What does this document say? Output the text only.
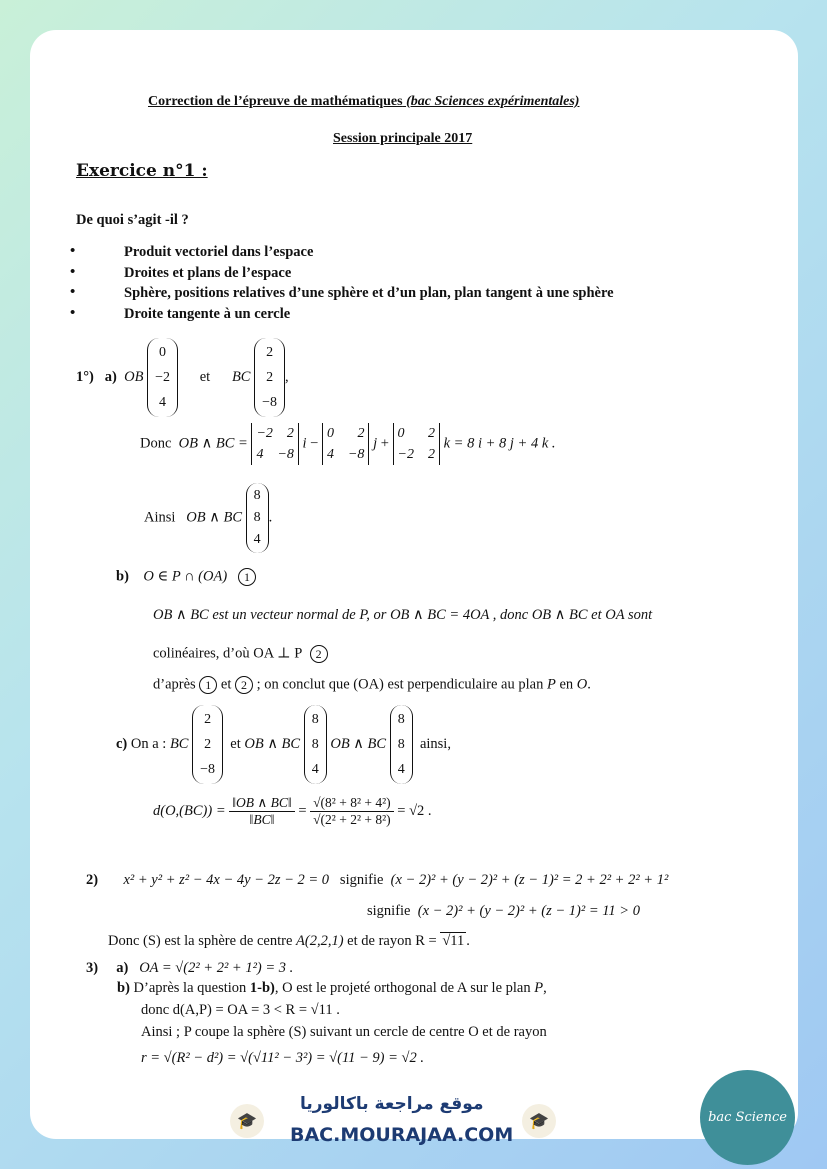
Correction de l’épreuve de mathématiques (bac Sciences expérimentales)
Session principale 2017
Exercice n°1 :
De quoi s’agit -il ?
• Produit vectoriel dans l’espace
• Droites et plans de l’espace
• Sphère, positions relatives d’une sphère et d’un plan, plan tangent à une sphère
• Droite tangente à un cercle
1°) a) OB
0
−2
4
et BC
2
2
−8
,
Donc OB ∧ BC =
−2 2
4 −8
i −
0 2
4 −8
j +
0 2
−2 2
k = 8 i + 8 j + 4 k .
Ainsi OB ∧ BC
8
8
4
.
b) O ∈ P ∩ (OA) 1
OB ∧ BC est un vecteur normal de P, or OB ∧ BC = 4OA , donc OB ∧ BC et OA sont
colinéaires, d’où OA ⊥ P 2
d’après 1 et 2 ; on conclut que (OA) est perpendiculaire au plan P en O.
c) On a : BC
2
2
−8
et OB ∧ BC
8
8
4
OB ∧ BC
8
8
4
ainsi,
$d(O,(BC)) = \frac{‖OB \wedge BC‖}{‖BC‖} = \frac{\text{√(8² + 8² + 4²)}}{\text{√(2² + 2² + 8²)}} = √2$ .
2) x² + y² + z² − 4x − 4y − 2z − 2 = 0 signifie (x − 2)² + (y − 2)² + (z − 1)² = 2 + 2² + 2² + 1²
signifie (x − 2)² + (y − 2)² + (z − 1)² = 11 > 0
Donc (S) est la sphère de centre A(2,2,1) et de rayon R = √11 .
3) a) OA = √(2² + 2² + 1²) = 3 .
b) D’après la question 1-b), O est le projeté orthogonal de A sur le plan P,
donc d(A,P) = OA = 3 < R = √11 .
Ainsi ; P coupe la sphère (S) suivant un cercle de centre O et de rayon
r = √(R² − d²) = √(√11² − 3²) = √(11 − 9) = √2 .
🎓
موقع مراجعة باكالوريا
BAC.MOURAJAA.COM
🎓	bac Science
